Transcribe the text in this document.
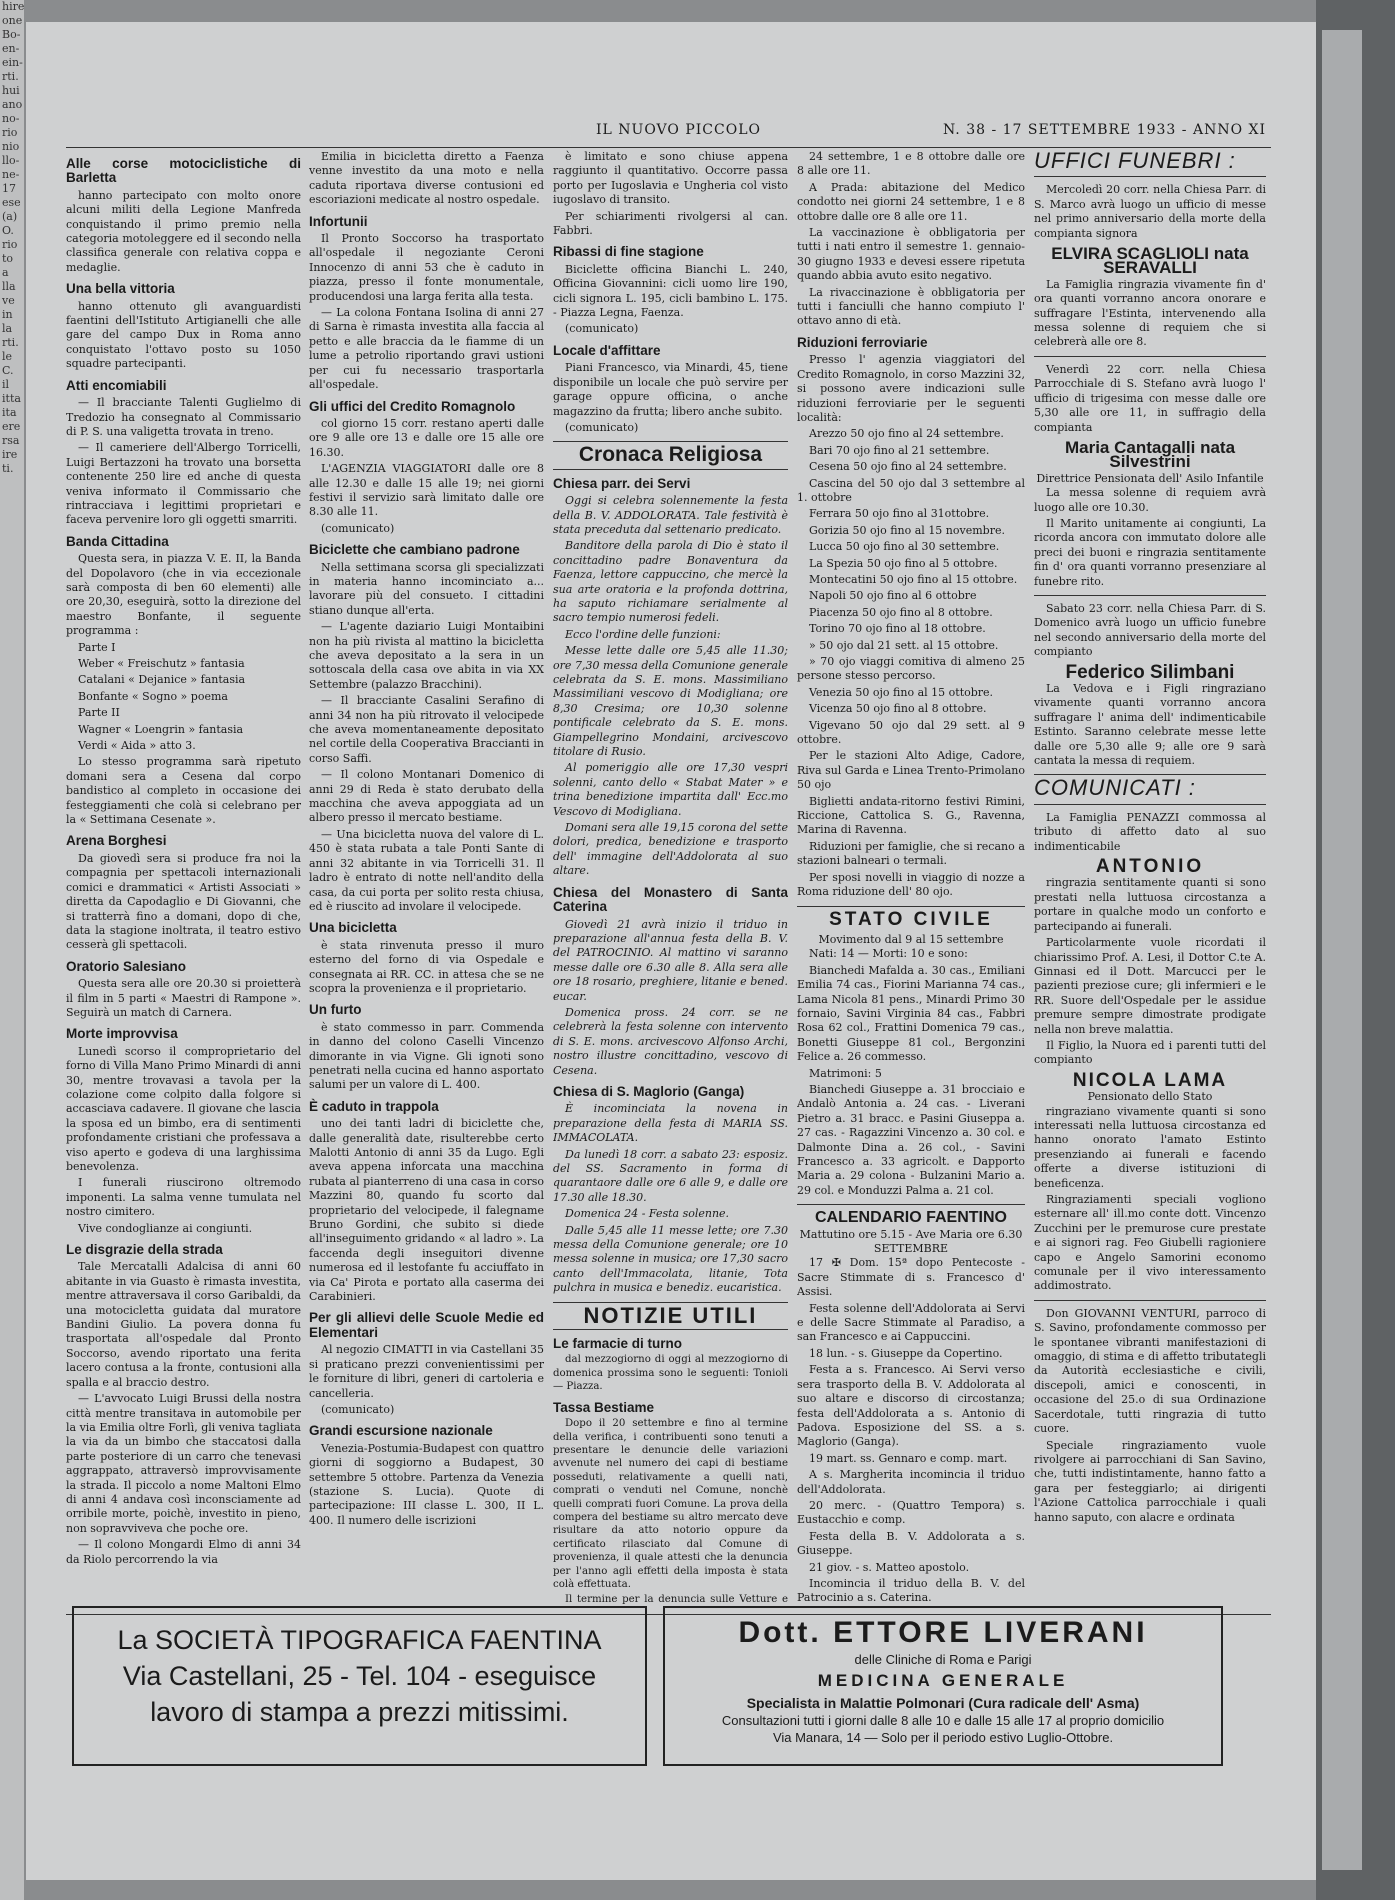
hire
one
Bo-
en-
ein-
rti.
hui
ano
no-
rio
nio
llo-
ne-
17
ese
(a)
O.
rio
to
a
lla
ve
in
la
rti.
le
C.
il
itta
ita
ere
rsa
ire
ti.
IL NUOVO PICCOLO	N. 38 - 17 SETTEMBRE 1933 - ANNO XI
Alle corse motociclistiche di Barletta

hanno partecipato con molto onore alcuni militi della Legione Manfreda conquistando il primo premio nella categoria motoleggere ed il secondo nella classifica generale con relativa coppa e medaglie.

Una bella vittoria

hanno ottenuto gli avanguardisti faentini dell'Istituto Artigianelli che alle gare del campo Dux in Roma anno conquistato l'ottavo posto su 1050 squadre partecipanti.

Atti encomiabili

— Il bracciante Talenti Guglielmo di Tredozio ha consegnato al Commissario di P. S. una valigetta trovata in treno.

— Il cameriere dell'Albergo Torricelli, Luigi Bertazzoni ha trovato una borsetta contenente 250 lire ed anche di questa veniva informato il Commissario che rintracciava i legittimi proprietari e faceva pervenire loro gli oggetti smarriti.

Banda Cittadina

Questa sera, in piazza V. E. II, la Banda del Dopolavoro (che in via eccezionale sarà composta di ben 60 elementi) alle ore 20,30, eseguirà, sotto la direzione del maestro Bonfante, il seguente programma :

Parte I

Weber « Freischutz » fantasia

Catalani « Dejanice » fantasia

Bonfante « Sogno » poema

Parte II

Wagner « Loengrin » fantasia

Verdi « Aida » atto 3.

Lo stesso programma sarà ripetuto domani sera a Cesena dal corpo bandistico al completo in occasione dei festeggiamenti che colà si celebrano per la « Settimana Cesenate ».

Arena Borghesi

Da giovedì sera si produce fra noi la compagnia per spettacoli internazionali comici e drammatici « Artisti Associati » diretta da Capodaglio e Di Giovanni, che si tratterrà fino a domani, dopo di che, data la stagione inoltrata, il teatro estivo cesserà gli spettacoli.

Oratorio Salesiano

Questa sera alle ore 20.30 si proietterà il film in 5 parti « Maestri di Rampone ». Seguirà un match di Carnera.

Morte improvvisa

Lunedì scorso il comproprietario del forno di Villa Mano Primo Minardi di anni 30, mentre trovavasi a tavola per la colazione come colpito dalla folgore si accasciava cadavere. Il giovane che lascia la sposa ed un bimbo, era di sentimenti profondamente cristiani che professava a viso aperto e godeva di una larghissima benevolenza.

I funerali riuscirono oltremodo imponenti. La salma venne tumulata nel nostro cimitero.

Vive condoglianze ai congiunti.

Le disgrazie della strada

Tale Mercatalli Adalcisa di anni 60 abitante in via Guasto è rimasta investita, mentre attraversava il corso Garibaldi, da una motocicletta guidata dal muratore Bandini Giulio. La povera donna fu trasportata all'ospedale dal Pronto Soccorso, avendo riportato una ferita lacero contusa a la fronte, contusioni alla spalla e al braccio destro.

— L'avvocato Luigi Brussi della nostra città mentre transitava in automobile per la via Emilia oltre Forlì, gli veniva tagliata la via da un bimbo che staccatosi dalla parte posteriore di un carro che tenevasi aggrappato, attraversò improvvisamente la strada. Il piccolo a nome Maltoni Elmo di anni 4 andava così inconsciamente ad orribile morte, poichè, investito in pieno, non sopravviveva che poche ore.

— Il colono Mongardi Elmo di anni 34 da Riolo percorrendo la via

Emilia in bicicletta diretto a Faenza venne investito da una moto e nella caduta riportava diverse contusioni ed escoriazioni medicate al nostro ospedale.

Infortunii

Il Pronto Soccorso ha trasportato all'ospedale il negoziante Ceroni Innocenzo di anni 53 che è caduto in piazza, presso il fonte monumentale, producendosi una larga ferita alla testa.

— La colona Fontana Isolina di anni 27 di Sarna è rimasta investita alla faccia al petto e alle braccia da le fiamme di un lume a petrolio riportando gravi ustioni per cui fu necessario trasportarla all'ospedale.

Gli uffici del Credito Romagnolo

col giorno 15 corr. restano aperti dalle ore 9 alle ore 13 e dalle ore 15 alle ore 16.30.

L'AGENZIA VIAGGIATORI dalle ore 8 alle 12.30 e dalle 15 alle 19; nei giorni festivi il servizio sarà limitato dalle ore 8.30 alle 11.

(comunicato)

Biciclette che cambiano padrone

Nella settimana scorsa gli specializzati in materia hanno incominciato a... lavorare più del consueto. I cittadini stiano dunque all'erta.

— L'agente daziario Luigi Montaibini non ha più rivista al mattino la bicicletta che aveva depositato a la sera in un sottoscala della casa ove abita in via XX Settembre (palazzo Bracchini).

— Il bracciante Casalini Serafino di anni 34 non ha più ritrovato il velocipede che aveva momentaneamente depositato nel cortile della Cooperativa Braccianti in corso Saffi.

— Il colono Montanari Domenico di anni 29 di Reda è stato derubato della macchina che aveva appoggiata ad un albero presso il mercato bestiame.

— Una bicicletta nuova del valore di L. 450 è stata rubata a tale Ponti Sante di anni 32 abitante in via Torricelli 31. Il ladro è entrato di notte nell'andito della casa, da cui porta per solito resta chiusa, ed è riuscito ad involare il velocipede.

Una bicicletta

è stata rinvenuta presso il muro esterno del forno di via Ospedale e consegnata ai RR. CC. in attesa che se ne scopra la provenienza e il proprietario.

Un furto

è stato commesso in parr. Commenda in danno del colono Caselli Vincenzo dimorante in via Vigne. Gli ignoti sono penetrati nella cucina ed hanno asportato salumi per un valore di L. 400.

È caduto in trappola

uno dei tanti ladri di biciclette che, dalle generalità date, risulterebbe certo Malotti Antonio di anni 35 da Lugo. Egli aveva appena inforcata una macchina rubata al pianterreno di una casa in corso Mazzini 80, quando fu scorto dal proprietario del velocipede, il falegname Bruno Gordini, che subito si diede all'inseguimento gridando « al ladro ». La faccenda degli inseguitori divenne numerosa ed il lestofante fu acciuffato in via Ca' Pirota e portato alla caserma dei Carabinieri.

Per gli allievi delle Scuole Medie ed Elementari

Al negozio CIMATTI in via Castellani 35 si praticano prezzi convenientissimi per le forniture di libri, generi di cartoleria e cancelleria.

(comunicato)

Grandi escursione nazionale

Venezia-Postumia-Budapest con quattro giorni di soggiorno a Budapest, 30 settembre 5 ottobre. Partenza da Venezia (stazione S. Lucia). Quote di partecipazione: III classe L. 300, II L. 400. Il numero delle iscrizioni

è limitato e sono chiuse appena raggiunto il quantitativo. Occorre passa porto per Iugoslavia e Ungheria col visto iugoslavo di transito.

Per schiarimenti rivolgersi al can. Fabbri.

Ribassi di fine stagione

Biciclette officina Bianchi L. 240, Officina Giovannini: cicli uomo lire 190, cicli signora L. 195, cicli bambino L. 175. - Piazza Legna, Faenza.

(comunicato)

Locale d'affittare

Piani Francesco, via Minardi, 45, tiene disponibile un locale che può servire per garage oppure officina, o anche magazzino da frutta; libero anche subito.

(comunicato)

Cronaca Religiosa
Chiesa parr. dei Servi

Oggi si celebra solennemente la festa della B. V. ADDOLORATA. Tale festività è stata preceduta dal settenario predicato.

Banditore della parola di Dio è stato il concittadino padre Bonaventura da Faenza, lettore cappuccino, che mercè la sua arte oratoria e la profonda dottrina, ha saputo richiamare serialmente al sacro tempio numerosi fedeli.

Ecco l'ordine delle funzioni:

Messe lette dalle ore 5,45 alle 11.30; ore 7,30 messa della Comunione generale celebrata da S. E. mons. Massimiliano Massimiliani vescovo di Modigliana; ore 8,30 Cresima; ore 10,30 solenne pontificale celebrato da S. E. mons. Giampellegrino Mondaini, arcivescovo titolare di Rusio.

Al pomeriggio alle ore 17,30 vespri solenni, canto dello « Stabat Mater » e trina benedizione impartita dall' Ecc.mo Vescovo di Modigliana.

Domani sera alle 19,15 corona del sette dolori, predica, benedizione e trasporto dell' immagine dell'Addolorata al suo altare.

Chiesa del Monastero di Santa Caterina

Giovedì 21 avrà inizio il triduo in preparazione all'annua festa della B. V. del PATROCINIO. Al mattino vi saranno messe dalle ore 6.30 alle 8. Alla sera alle ore 18 rosario, preghiere, litanie e bened. eucar.

Domenica pross. 24 corr. se ne celebrerà la festa solenne con intervento di S. E. mons. arcivescovo Alfonso Archi, nostro illustre concittadino, vescovo di Cesena.

Chiesa di S. Maglorio (Ganga)

È incominciata la novena in preparazione della festa di MARIA SS. IMMACOLATA.

Da lunedì 18 corr. a sabato 23: esposiz. del SS. Sacramento in forma di quarantaore dalle ore 6 alle 9, e dalle ore 17.30 alle 18.30.

Domenica 24 - Festa solenne.

Dalle 5,45 alle 11 messe lette; ore 7.30 messa della Comunione generale; ore 10 messa solenne in musica; ore 17,30 sacro canto dell'Immacolata, litanie, Tota pulchra in musica e benediz. eucaristica.

NOTIZIE UTILI
Le farmacie di turno

dal mezzogiorno di oggi al mezzogiorno di domenica prossima sono le seguenti: Tonioli — Piazza.

Tassa Bestiame

Dopo il 20 settembre e fino al termine della verifica, i contribuenti sono tenuti a presentare le denuncie delle variazioni avvenute nel numero dei capi di bestiame posseduti, relativamente a quelli nati, comprati o venduti nel Comune, nonchè quelli comprati fuori Comune. La prova della compera del bestiame su altro mercato deve risultare da atto notorio oppure da certificato rilasciato dal Comune di provenienza, il quale attesti che la denuncia per l'anno agli effetti della imposta è stata colà effettuata.

Il termine per la denuncia sulle Vetture e

24 settembre, 1 e 8 ottobre dalle ore 8 alle ore 11.

A Prada: abitazione del Medico condotto nei giorni 24 settembre, 1 e 8 ottobre dalle ore 8 alle ore 11.

La vaccinazione è obbligatoria per tutti i nati entro il semestre 1. gennaio-30 giugno 1933 e devesi essere ripetuta quando abbia avuto esito negativo.

La rivaccinazione è obbligatoria per tutti i fanciulli che hanno compiuto l' ottavo anno di età.

Riduzioni ferroviarie

Presso l' agenzia viaggiatori del Credito Romagnolo, in corso Mazzini 32, si possono avere indicazioni sulle riduzioni ferroviarie per le seguenti località:

Arezzo 50 ojo fino al 24 settembre.

Bari 70 ojo fino al 21 settembre.

Cesena 50 ojo fino al 24 settembre.

Cascina del 50 ojo dal 3 settembre al 1. ottobre

Ferrara 50 ojo fino al 31ottobre.

Gorizia 50 ojo fino al 15 novembre.

Lucca 50 ojo fino al 30 settembre.

La Spezia 50 ojo fino al 5 ottobre.

Montecatini 50 ojo fino al 15 ottobre.

Napoli 50 ojo fino al 6 ottobre

Piacenza 50 ojo fino al 8 ottobre.

Torino 70 ojo fino al 18 ottobre.

» 50 ojo dal 21 sett. al 15 ottobre.

» 70 ojo viaggi comitiva di almeno 25 persone stesso percorso.

Venezia 50 ojo fino al 15 ottobre.

Vicenza 50 ojo fino al 8 ottobre.

Vigevano 50 ojo dal 29 sett. al 9 ottobre.

Per le stazioni Alto Adige, Cadore, Riva sul Garda e Linea Trento-Primolano 50 ojo

Biglietti andata-ritorno festivi Rimini, Riccione, Cattolica S. G., Ravenna, Marina di Ravenna.

Riduzioni per famiglie, che si recano a stazioni balneari o termali.

Per sposi novelli in viaggio di nozze a Roma riduzione dell' 80 ojo.

STATO CIVILE
Movimento dal 9 al 15 settembre

Nati: 14 — Morti: 10 e sono:

Bianchedi Mafalda a. 30 cas., Emiliani Emilia 74 cas., Fiorini Marianna 74 cas., Lama Nicola 81 pens., Minardi Primo 30 fornaio, Savini Virginia 84 cas., Fabbri Rosa 62 col., Frattini Domenica 79 cas., Bonetti Giuseppe 81 col., Bergonzini Felice a. 26 commesso.

Matrimoni: 5

Bianchedi Giuseppe a. 31 brocciaio e Andalò Antonia a. 24 cas. - Liverani Pietro a. 31 bracc. e Pasini Giuseppa a. 27 cas. - Ragazzini Vincenzo a. 30 col. e Dalmonte Dina a. 26 col., - Savini Francesco a. 33 agricolt. e Dapporto Maria a. 29 colona - Bulzanini Mario a. 29 col. e Monduzzi Palma a. 21 col.

CALENDARIO FAENTINO
Mattutino ore 5.15 - Ave Maria ore 6.30
SETTEMBRE

17 ✠ Dom. 15ª dopo Pentecoste - Sacre Stimmate di s. Francesco d' Assisi.

Festa solenne dell'Addolorata ai Servi e delle Sacre Stimmate al Paradiso, a san Francesco e ai Cappuccini.

18 lun. - s. Giuseppe da Copertino.

Festa a s. Francesco. Ai Servi verso sera trasporto della B. V. Addolorata al suo altare e discorso di circostanza; festa dell'Addolorata a s. Antonio di Padova. Esposizione del SS. a s. Maglorio (Ganga).

19 mart. ss. Gennaro e comp. mart.

A s. Margherita incomincia il triduo dell'Addolorata.

20 merc. - (Quattro Tempora) s. Eustacchio e comp.

Festa della B. V. Addolorata a s. Giuseppe.

21 giov. - s. Matteo apostolo.

Incomincia il triduo della B. V. del Patrocinio a s. Caterina.

UFFICI FUNEBRI :

Mercoledì 20 corr. nella Chiesa Parr. di S. Marco avrà luogo un ufficio di messe nel primo anniversario della morte della compianta signora

ELVIRA SCAGLIOLI nata SERAVALLI

La Famiglia ringrazia vivamente fin d' ora quanti vorranno ancora onorare e suffragare l'Estinta, intervenendo alla messa solenne di requiem che si celebrerà alle ore 8.

Venerdì 22 corr. nella Chiesa Parrocchiale di S. Stefano avrà luogo l' ufficio di trigesima con messe dalle ore 5,30 alle ore 11, in suffragio della compianta

Maria Cantagalli nata Silvestrini
Direttrice Pensionata dell' Asilo Infantile

La messa solenne di requiem avrà luogo alle ore 10.30.

Il Marito unitamente ai congiunti, La ricorda ancora con immutato dolore alle preci dei buoni e ringrazia sentitamente fin d' ora quanti vorranno presenziare al funebre rito.

Sabato 23 corr. nella Chiesa Parr. di S. Domenico avrà luogo un ufficio funebre nel secondo anniversario della morte del compianto

Federico Silimbani

La Vedova e i Figli ringraziano vivamente quanti vorranno ancora suffragare l' anima dell' indimenticabile Estinto. Saranno celebrate messe lette dalle ore 5,30 alle 9; alle ore 9 sarà cantata la messa di requiem.

COMUNICATI :

La Famiglia PENAZZI commossa al tributo di affetto dato al suo indimenticabile

ANTONIO

ringrazia sentitamente quanti si sono prestati nella luttuosa circostanza a portare in qualche modo un conforto e partecipando ai funerali.

Particolarmente vuole ricordati il chiarissimo Prof. A. Lesi, il Dottor C.te A. Ginnasi ed il Dott. Marcucci per le pazienti preziose cure; gli infermieri e le RR. Suore dell'Ospedale per le assidue premure sempre dimostrate prodigate nella non breve malattia.

Il Figlio, la Nuora ed i parenti tutti del compianto

NICOLA LAMA
Pensionato dello Stato

ringraziano vivamente quanti si sono interessati nella luttuosa circostanza ed hanno onorato l'amato Estinto presenziando ai funerali e facendo offerte a diverse istituzioni di beneficenza.

Ringraziamenti speciali vogliono esternare all' ill.mo conte dott. Vincenzo Zucchini per le premurose cure prestate e ai signori rag. Feo Giubelli ragioniere capo e Angelo Samorini economo comunale per il vivo interessamento addimostrato.

Don GIOVANNI VENTURI, parroco di S. Savino, profondamente commosso per le spontanee vibranti manifestazioni di omaggio, di stima e di affetto tributategli da Autorità ecclesiastiche e civili, discepoli, amici e conoscenti, in occasione del 25.o di sua Ordinazione Sacerdotale, tutti ringrazia di tutto cuore.

Speciale ringraziamento vuole rivolgere ai parrocchiani di San Savino, che, tutti indistintamente, hanno fatto a gara per festeggiarlo; ai dirigenti l'Azione Cattolica parrocchiale i quali hanno saputo, con alacre e ordinata

La SOCIETÀ TIPOGRAFICA FAENTINA
Via Castellani, 25 - Tel. 104 - eseguisce
lavoro di stampa a prezzi mitissimi.
Dott. ETTORE LIVERANI
delle Cliniche di Roma e Parigi
MEDICINA GENERALE
Specialista in Malattie Polmonari (Cura radicale dell' Asma)
Consultazioni tutti i giorni dalle 8 alle 10 e dalle 15 alle 17 al proprio domicilio
Via Manara, 14 — Solo per il periodo estivo Luglio-Ottobre.
